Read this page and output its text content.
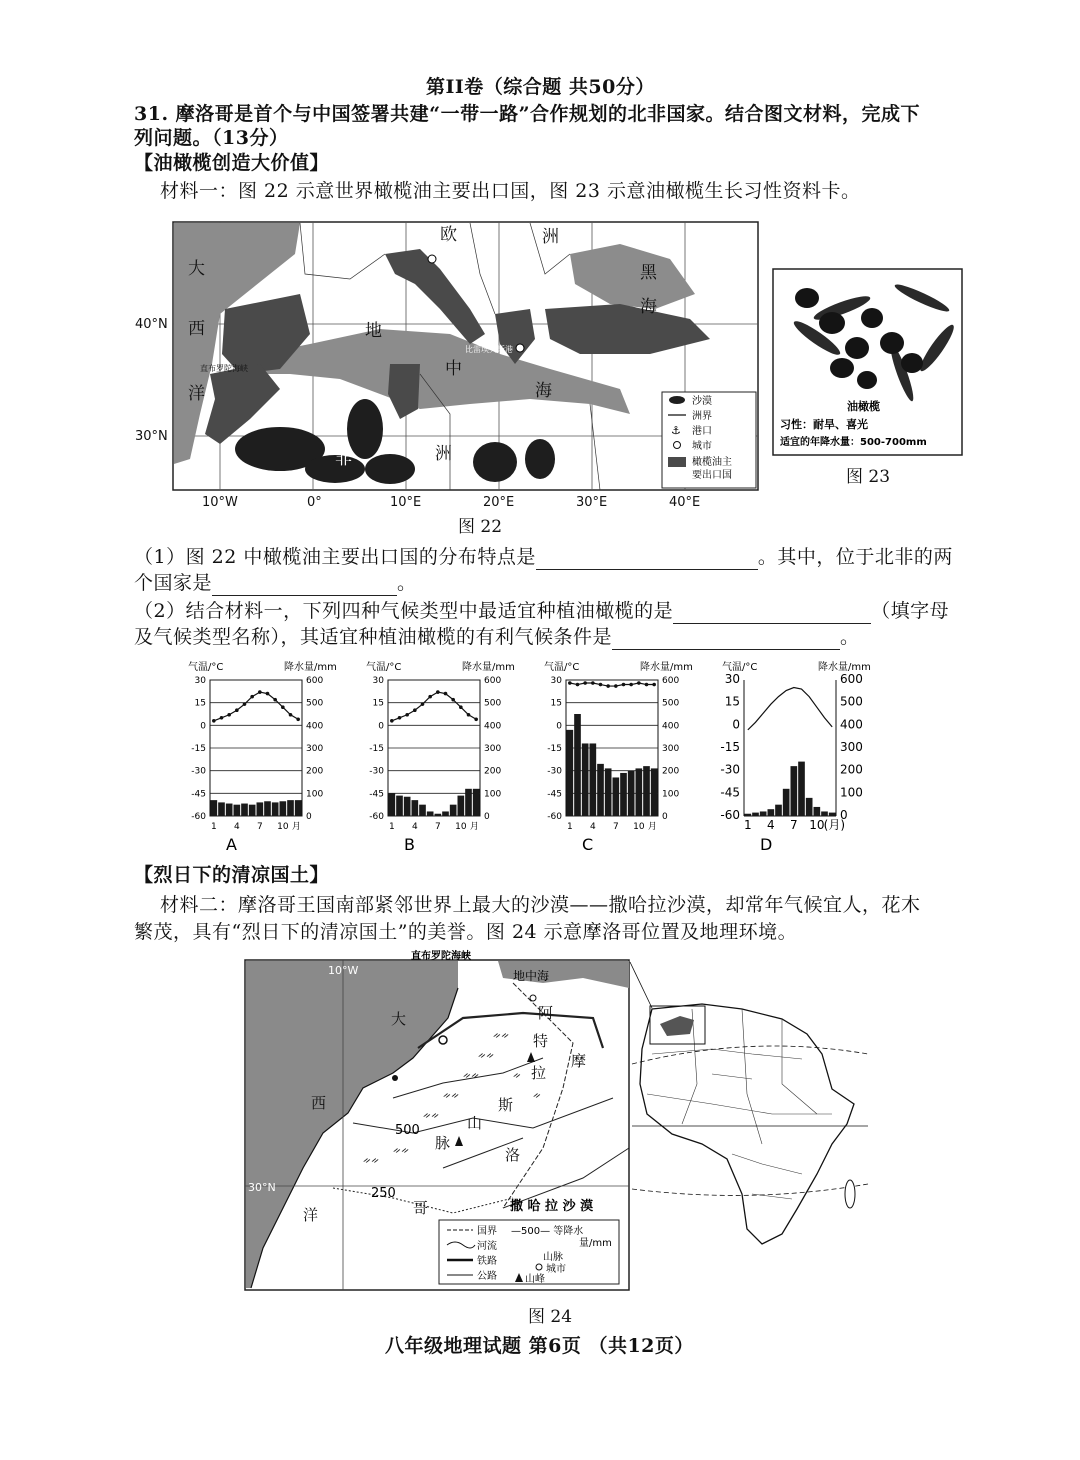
第II卷（综合题 共50分）
31. 摩洛哥是首个与中国签署共建“一带一路”合作规划的北非国家。结合图文材料，完成下
列问题。（13分）
【油橄榄创造大价值】
材料一：图 22 示意世界橄榄油主要出口国，图 23 示意油橄榄生长习性资料卡。
大
西
洋
欧	洲
黑
海
地
中
海
非	洲
直布罗陀海峡
比雷埃夫斯港
40°N
30°N
10°W	0°	10°E	20°E	30°E	40°E
沙漠
洲界
⚓ 港口
城市
橄榄油主
要出口国
图 22
油橄榄
习性：耐旱、喜光
适宜的年降水量：500-700mm
图 23
（1）图 22 中橄榄油主要出口国的分布特点是	。其中，位于北非的两
个国家是	。
（2）结合材料一，下列四种气候类型中最适宜种植油橄榄的是	（填字母
及气候类型名称），其适宜种植油橄榄的有利气候条件是	。
气温/°C	降水量/mm
30	600
15	500
0	400
-15	300
-30	200
-45	100
-60	0
1 4 7 10 月
A
气温/°C	降水量/mm
30	600
15	500
0	400
-15	300
-30	200
-45	100
-60	0
1 4 7 10 月
B
气温/°C	降水量/mm
30	600
15	500
0	400
-15	300
-30	200
-45	100
-60	0
1 4 7 10 月
C
气温/°C	降水量/mm
30	600
15	500
0	400
-15	300
-30	200
-45	100
-60	0
1 4 7 10 (月)
D
【烈日下的清凉国土】
材料二：摩洛哥王国南部紧邻世界上最大的沙漠——撒哈拉沙漠，却常年气候宜人，花木
繁茂，具有“烈日下的清凉国土”的美誉。图 24 示意摩洛哥位置及地理环境。
ᨀᨀ
ᨀᨀ
ᨀᨀ
ᨀᨀ
ᨀᨀ
ᨀᨀ
ᨀᨀ
ᨀ
ᨀ
直布罗陀海峡
地中海
10°W
30°N
大
西
洋
阿
特
拉
斯
山
脉
摩
洛
哥
500
250
撒 哈 拉 沙 漠
国界
河流
铁路
公路
—500— 等降水
量/mm
山脉
城市
山峰
图 24
八年级地理试题 第6页 （共12页）
